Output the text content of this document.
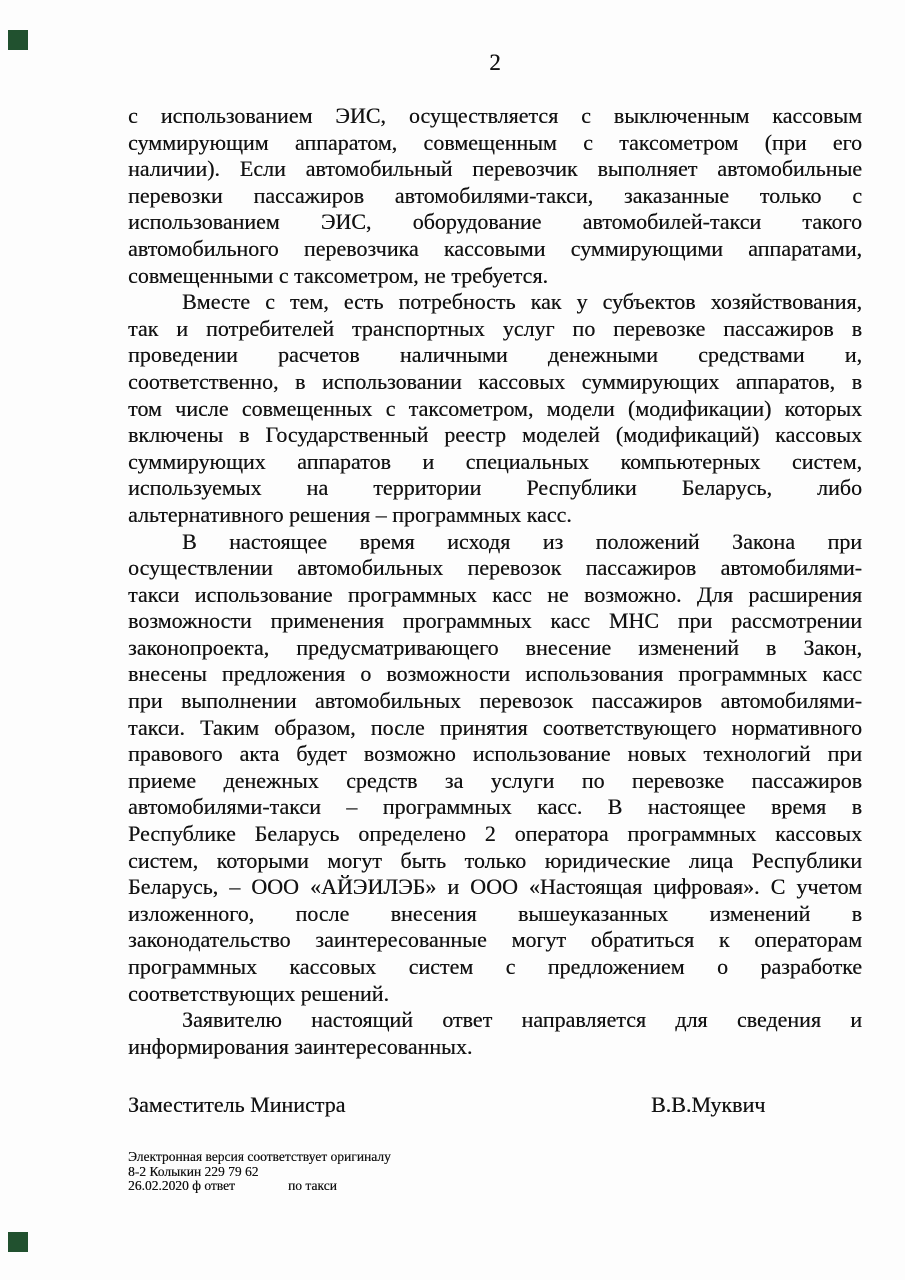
2
с использованием ЭИС, осуществляется с выключенным кассовым
суммирующим аппаратом, совмещенным с таксометром (при его
наличии). Если автомобильный перевозчик выполняет автомобильные
перевозки пассажиров автомобилями-такси, заказанные только с
использованием ЭИС, оборудование автомобилей-такси такого
автомобильного перевозчика кассовыми суммирующими аппаратами,
совмещенными с таксометром, не требуется.
Вместе с тем, есть потребность как у субъектов хозяйствования,
так и потребителей транспортных услуг по перевозке пассажиров в
проведении расчетов наличными денежными средствами и,
соответственно, в использовании кассовых суммирующих аппаратов, в
том числе совмещенных с таксометром, модели (модификации) которых
включены в Государственный реестр моделей (модификаций) кассовых
суммирующих аппаратов и специальных компьютерных систем,
используемых на территории Республики Беларусь, либо
альтернативного решения – программных касс.
В настоящее время исходя из положений Закона при
осуществлении автомобильных перевозок пассажиров автомобилями-
такси использование программных касс не возможно. Для расширения
возможности применения программных касс МНС при рассмотрении
законопроекта, предусматривающего внесение изменений в Закон,
внесены предложения о возможности использования программных касс
при выполнении автомобильных перевозок пассажиров автомобилями-
такси. Таким образом, после принятия соответствующего нормативного
правового акта будет возможно использование новых технологий при
приеме денежных средств за услуги по перевозке пассажиров
автомобилями-такси – программных касс. В настоящее время в
Республике Беларусь определено 2 оператора программных кассовых
систем, которыми могут быть только юридические лица Республики
Беларусь, – ООО «АЙЭИЛЭБ» и ООО «Настоящая цифровая». С учетом
изложенного, после внесения вышеуказанных изменений в
законодательство заинтересованные могут обратиться к операторам
программных кассовых систем с предложением о разработке
соответствующих решений.
Заявителю настоящий ответ направляется для сведения и
информирования заинтересованных.
Заместитель Министра	В.В.Муквич
Электронная версия соответствует оригиналу
8-2 Колыкин 229 79 62
26.02.2020 ф ответ	по такси
